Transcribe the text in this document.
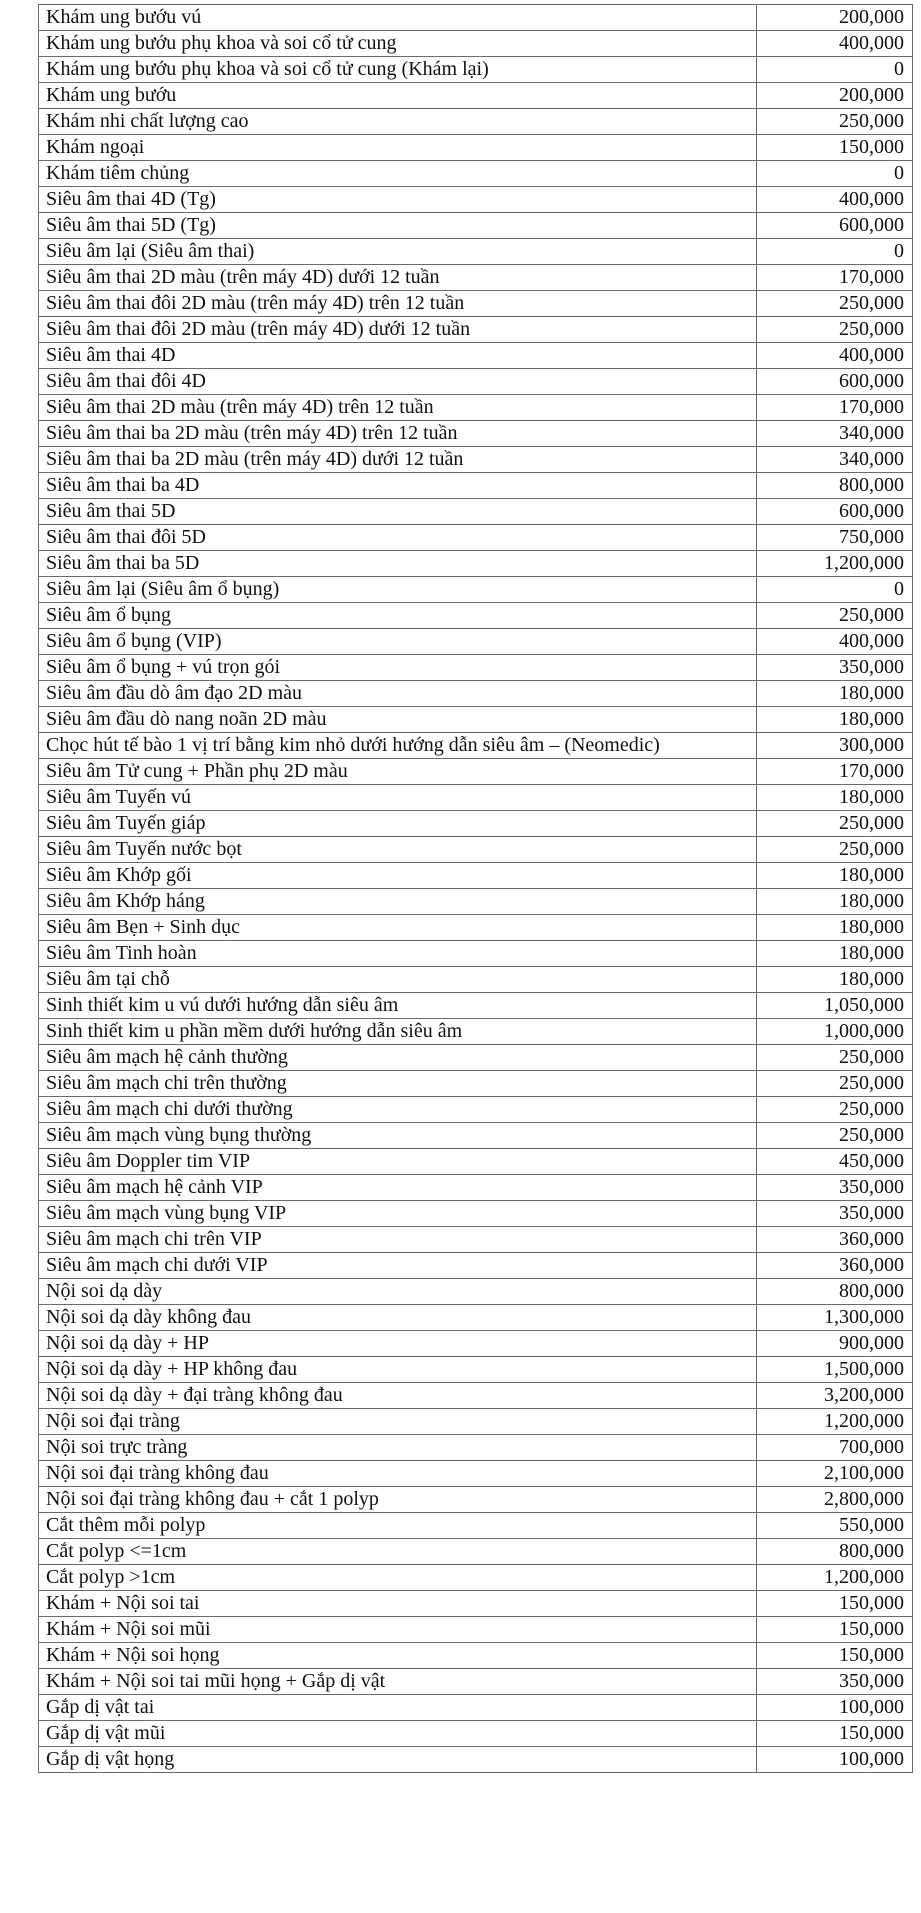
Khám ung bướu vú	200,000
Khám ung bướu phụ khoa và soi cổ tử cung	400,000
Khám ung bướu phụ khoa và soi cổ tử cung (Khám lại)	0
Khám ung bướu	200,000
Khám nhi chất lượng cao	250,000
Khám ngoại	150,000
Khám tiêm chủng	0
Siêu âm thai 4D (Tg)	400,000
Siêu âm thai 5D (Tg)	600,000
Siêu âm lại (Siêu âm thai)	0
Siêu âm thai 2D màu (trên máy 4D) dưới 12 tuần	170,000
Siêu âm thai đôi 2D màu (trên máy 4D) trên 12 tuần	250,000
Siêu âm thai đôi 2D màu (trên máy 4D) dưới 12 tuần	250,000
Siêu âm thai 4D	400,000
Siêu âm thai đôi 4D	600,000
Siêu âm thai 2D màu (trên máy 4D) trên 12 tuần	170,000
Siêu âm thai ba 2D màu (trên máy 4D) trên 12 tuần	340,000
Siêu âm thai ba 2D màu (trên máy 4D) dưới 12 tuần	340,000
Siêu âm thai ba 4D	800,000
Siêu âm thai 5D	600,000
Siêu âm thai đôi 5D	750,000
Siêu âm thai ba 5D	1,200,000
Siêu âm lại (Siêu âm ổ bụng)	0
Siêu âm ổ bụng	250,000
Siêu âm ổ bụng (VIP)	400,000
Siêu âm ổ bụng + vú trọn gói	350,000
Siêu âm đầu dò âm đạo 2D màu	180,000
Siêu âm đầu dò nang noãn 2D màu	180,000
Chọc hút tế bào 1 vị trí bằng kim nhỏ dưới hướng dẫn siêu âm – (Neomedic)	300,000
Siêu âm Tử cung + Phần phụ 2D màu	170,000
Siêu âm Tuyến vú	180,000
Siêu âm Tuyến giáp	250,000
Siêu âm Tuyến nước bọt	250,000
Siêu âm Khớp gối	180,000
Siêu âm Khớp háng	180,000
Siêu âm Bẹn + Sinh dục	180,000
Siêu âm Tinh hoàn	180,000
Siêu âm tại chỗ	180,000
Sinh thiết kim u vú dưới hướng dẫn siêu âm	1,050,000
Sinh thiết kim u phần mềm dưới hướng dẫn siêu âm	1,000,000
Siêu âm mạch hệ cảnh thường	250,000
Siêu âm mạch chi trên thường	250,000
Siêu âm mạch chi dưới thường	250,000
Siêu âm mạch vùng bụng thường	250,000
Siêu âm Doppler tim VIP	450,000
Siêu âm mạch hệ cảnh VIP	350,000
Siêu âm mạch vùng bụng VIP	350,000
Siêu âm mạch chi trên VIP	360,000
Siêu âm mạch chi dưới VIP	360,000
Nội soi dạ dày	800,000
Nội soi dạ dày không đau	1,300,000
Nội soi dạ dày + HP	900,000
Nội soi dạ dày + HP không đau	1,500,000
Nội soi dạ dày + đại tràng không đau	3,200,000
Nội soi đại tràng	1,200,000
Nội soi trực tràng	700,000
Nội soi đại tràng không đau	2,100,000
Nội soi đại tràng không đau + cắt 1 polyp	2,800,000
Cắt thêm mỗi polyp	550,000
Cắt polyp <=1cm	800,000
Cắt polyp >1cm	1,200,000
Khám + Nội soi tai	150,000
Khám + Nội soi mũi	150,000
Khám + Nội soi họng	150,000
Khám + Nội soi tai mũi họng + Gắp dị vật	350,000
Gắp dị vật tai	100,000
Gắp dị vật mũi	150,000
Gắp dị vật họng	100,000
